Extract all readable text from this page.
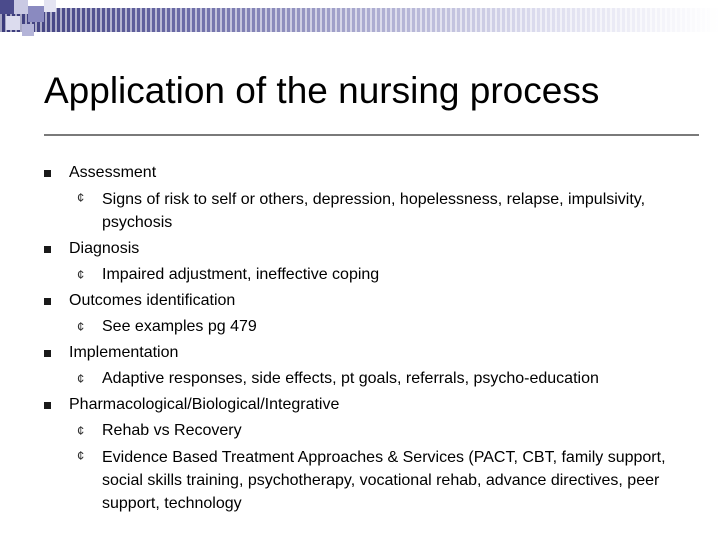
Application of the nursing process
Assessment
¢ Signs of risk to self or others, depression, hopelessness, relapse, impulsivity, psychosis
Diagnosis
¢ Impaired adjustment, ineffective coping
Outcomes identification
¢ See examples pg 479
Implementation
¢ Adaptive responses, side effects, pt goals, referrals, psycho-education
Pharmacological/Biological/Integrative
¢ Rehab vs Recovery
¢ Evidence Based Treatment Approaches & Services (PACT, CBT, family support, social skills training, psychotherapy, vocational rehab, advance directives, peer support, technology
